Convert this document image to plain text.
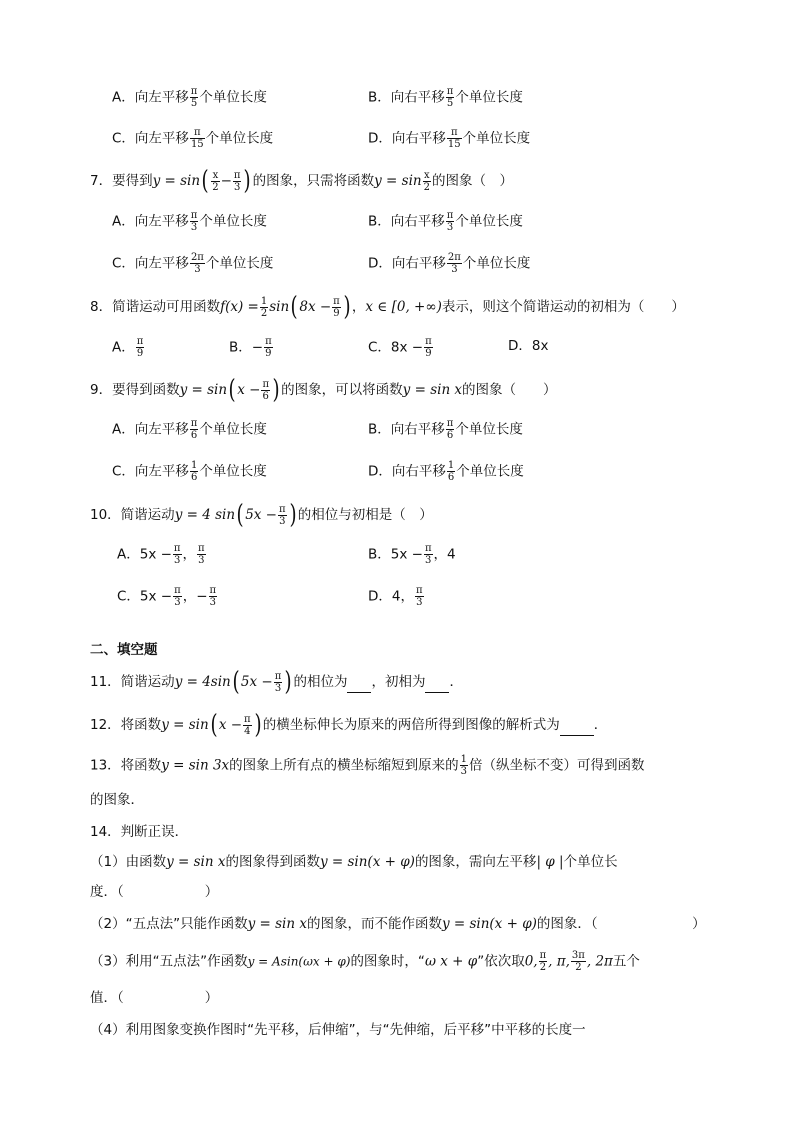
A．向左平移 $\frac{\pi}{5}$ 个单位长度	B．向右平移 $\frac{\pi}{5}$ 个单位长度
C．向左平移 $\frac{\pi}{15}$ 个单位长度	D．向右平移 $\frac{\pi}{15}$ 个单位长度
7．要得到$y = \sin( \frac{x}{2} - \frac{\pi}{3}$ ) 的图象，只需将函数$y = \sin \frac{x}{2}$ 的图象（　）
A．向左平移 $\frac{\pi}{3}$ 个单位长度	B．向右平移 $\frac{\pi}{3}$ 个单位长度
C．向左平移 $\frac{2\pi}{3}$ 个单位长度	D．向右平移 $\frac{2\pi}{3}$ 个单位长度
8．简谐运动可用函数$f(x) = \frac{1}{2} \sin$( $8x - \frac{\pi}{9}$ ) ，x ∈ [0, +∞)表示，则这个简谐运动的初相为（　　）
A． $\frac{\pi}{9}$	B．− $\frac{\pi}{9}$	C．$8x - \frac{\pi}{9}$	D．8x
9．要得到函数y = sin( $x - \frac{\pi}{6}$ ) 的图象，可以将函数y = sin x的图象（　　）
A．向左平移 $\frac{\pi}{6}$ 个单位长度	B．向右平移 $\frac{\pi}{6}$ 个单位长度
C．向左平移 $\frac{1}{6}$ 个单位长度	D．向右平移 $\frac{1}{6}$ 个单位长度
10．简谐运动y = 4 sin( $5x - \frac{\pi}{3}$ ) 的相位与初相是（　）
A．$5x - \frac{\pi}{3}$ ， $\frac{\pi}{3}$	B．$5x - \frac{\pi}{3}$ ，4
C．$5x - \frac{\pi}{3}$ ，− $\frac{\pi}{3}$	D．4， $\frac{\pi}{3}$
二、填空题
11．简谐运动y = 4sin( $5x - \frac{\pi}{3}$ ) 的相位为 ，初相为 ．
12．将函数y = sin( $x - \frac{\pi}{4}$ ) 的横坐标伸长为原来的两倍所得到图像的解析式为	．
13．将函数y = sin 3x的图象上所有点的横坐标缩短到原来的 $\frac{1}{3}$ 倍（纵坐标不变）可得到函数
的图象．
14．判断正误．
（1）由函数y = sin x的图象得到函数y = sin(x + φ)的图象，需向左平移| φ |个单位长
度．（　　　　　　）
（2）“五点法”只能作函数y = sin x的图象，而不能作函数y = sin(x + φ)的图象．（　　　　　　　）
（3）利用“五点法”作函数y = Asin(ωx + φ)的图象时，“ω x + φ”依次取0, $\frac{\pi}{2}$ , π, $\frac{3\pi}{2}$ , 2π五个
值．（　　　　　　）
（4）利用图象变换作图时“先平移，后伸缩”，与“先伸缩，后平移”中平移的长度一
